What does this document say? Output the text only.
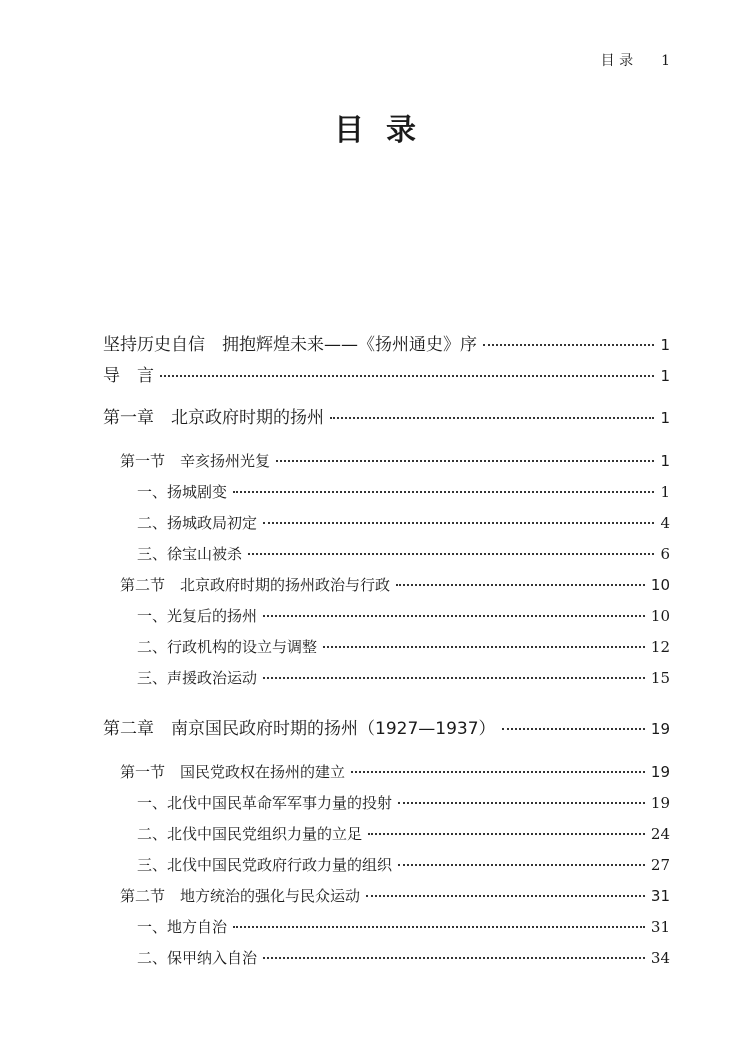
目 录 1
目录
坚持历史自信　拥抱辉煌未来——《扬州通史》序	1
导　言	1
第一章　北京政府时期的扬州	1
第一节　辛亥扬州光复	1
一、扬城剧变	1
二、扬城政局初定	4
三、徐宝山被杀	6
第二节　北京政府时期的扬州政治与行政	10
一、光复后的扬州	10
二、行政机构的设立与调整	12
三、声援政治运动	15
第二章　南京国民政府时期的扬州（1927—1937）	19
第一节　国民党政权在扬州的建立	19
一、北伐中国民革命军军事力量的投射	19
二、北伐中国民党组织力量的立足	24
三、北伐中国民党政府行政力量的组织	27
第二节　地方统治的强化与民众运动	31
一、地方自治	31
二、保甲纳入自治	34
